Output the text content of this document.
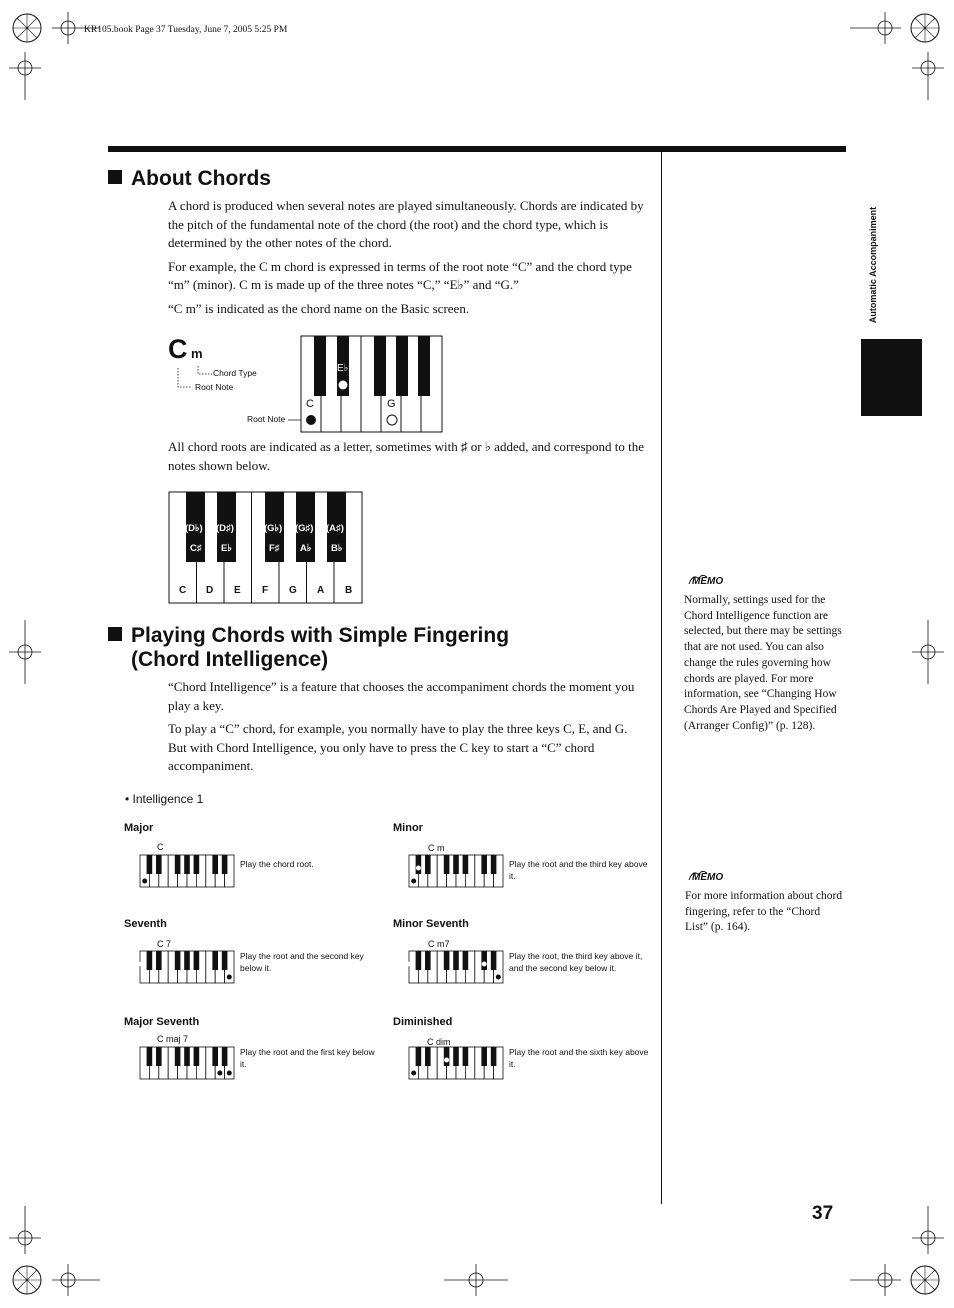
KR105.book Page 37 Tuesday, June 7, 2005 5:25 PM
Automatic Accompaniment
About Chords

A chord is produced when several notes are played simultaneously. Chords are indicated by the pitch of the fundamental note of the chord (the root) and the chord type, which is determined by the other notes of the chord.

For example, the C m chord is expressed in terms of the root note “C” and the chord type “m” (minor). C m is made up of the three notes “C,” “E♭” and “G.”

“C m” is indicated as the chord name on the Basic screen.

C m
Chord Type
Root Note
Root Note
C
E♭
G
All chord roots are indicated as a letter, sometimes with ♯ or ♭ added, and correspond to the notes shown below.
C D E F G A B
(D♭)
C♯
(D♯)
E♭
(G♭)
F♯
(G♯)
A♭
(A♯)
B♭
Playing Chords with Simple Fingering
(Chord Intelligence)

“Chord Intelligence” is a feature that chooses the accompaniment chords the moment you play a key.

To play a “C” chord, for example, you normally have to play the three keys C, E, and G. But with Chord Intelligence, you only have to press the C key to start a “C” chord accompaniment.

• Intelligence 1
Major
C
Play the chord root.
Minor
C m
Play the root and the third key above it.
Seventh
C 7
Play the root and the second key below it.
Minor Seventh
C m7
Play the root, the third key above it, and the second key below it.
Major Seventh
C maj 7
Play the root and the first key below it.
Diminished
C dim
Play the root and the sixth key above it.
MEMO
Normally, settings used for the Chord Intelligence function are selected, but there may be settings that are not used. You can also change the rules governing how chords are played. For more information, see “Changing How Chords Are Played and Specified (Arranger Config)” (p. 128).
MEMO
For more information about chord fingering, refer to the “Chord List” (p. 164).
37
